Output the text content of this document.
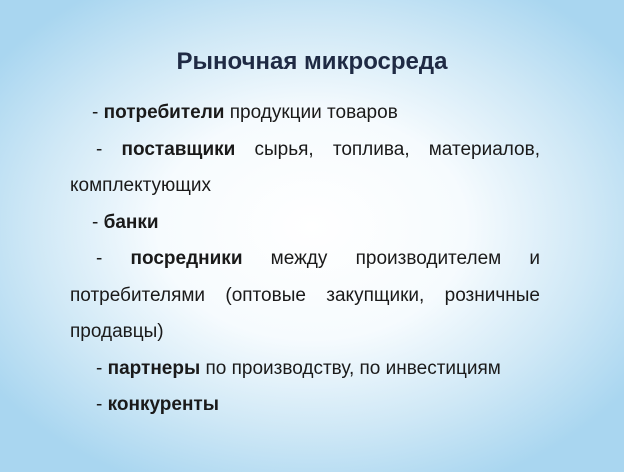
Рыночная микросреда

- потребители продукции товаров

- поставщики сырья, топлива, материалов, комплектующих

- банки

- посредники между производителем и потребителями (оптовые закупщики, розничные продавцы)

- партнеры по производству, по инвестициям

- конкуренты
